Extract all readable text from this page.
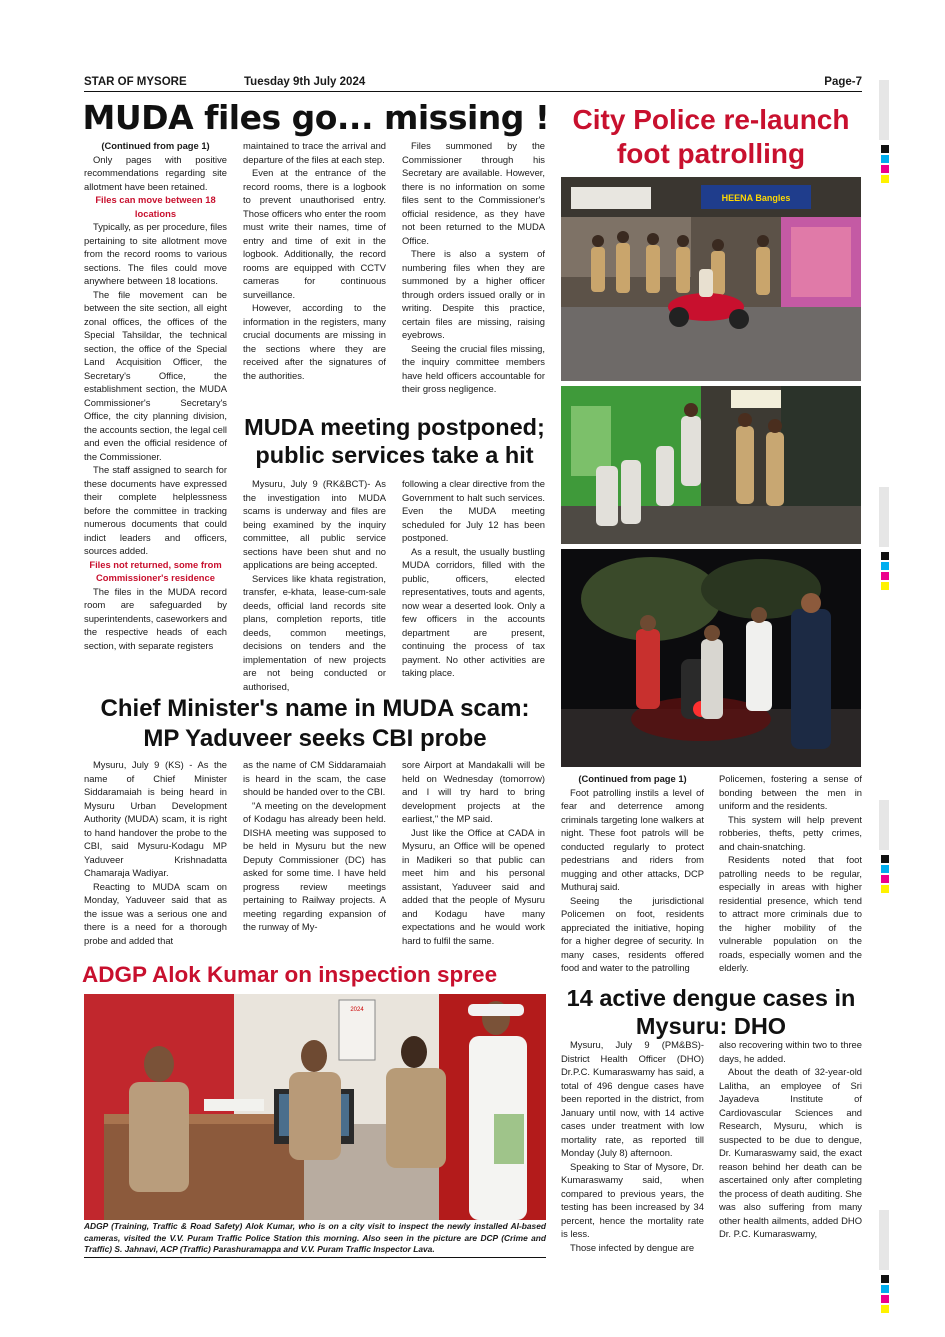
STAR OF MYSORE	Tuesday 9th July 2024	Page-7
MUDA files go... missing !

(Continued from page 1)

Only pages with positive recommendations regarding site allotment have been retained.

Files can move between 18 locations

Typically, as per procedure, files pertaining to site allotment move from the record rooms to various sections. The files could move anywhere between 18 locations.

The file movement can be between the site section, all eight zonal offices, the offices of the Special Tahsildar, the technical section, the office of the Special Land Acquisition Officer, the Secretary's Office, the establishment section, the MUDA Commissioner's Secretary's Office, the city planning division, the accounts section, the legal cell and even the official residence of the Commissioner.

The staff assigned to search for these documents have expressed their complete helplessness before the committee in tracking numerous documents that could indict leaders and officers, sources added.

Files not returned, some from Commissioner's residence

The files in the MUDA record room are safeguarded by superintendents, caseworkers and the respective heads of each section, with separate registers

maintained to trace the arrival and departure of the files at each step.

Even at the entrance of the record rooms, there is a logbook to prevent unauthorised entry. Those officers who enter the room must write their names, time of entry and time of exit in the logbook. Additionally, the record rooms are equipped with CCTV cameras for continuous surveillance.

However, according to the information in the registers, many crucial documents are missing in the sections where they are received after the signatures of the authorities.

Files summoned by the Commissioner through his Secretary are available. However, there is no information on some files sent to the Commissioner's official residence, as they have not been returned to the MUDA Office.

There is also a system of numbering files when they are summoned by a higher officer through orders issued orally or in writing. Despite this practice, certain files are missing, raising eyebrows.

Seeing the crucial files missing, the inquiry committee members have held officers accountable for their gross negligence.

MUDA meeting postponed; public services take a hit

Mysuru, July 9 (RK&BCT)- As the investigation into MUDA scams is underway and files are being examined by the inquiry committee, all public service sections have been shut and no applications are being accepted.

Services like khata registration, transfer, e-khata, lease-cum-sale deeds, official land records site plans, completion reports, title deeds, common meetings, decisions on tenders and the implementation of new projects are not being conducted or authorised,

following a clear directive from the Government to halt such services. Even the MUDA meeting scheduled for July 12 has been postponed.

As a result, the usually bustling MUDA corridors, filled with the public, officers, elected representatives, touts and agents, now wear a deserted look. Only a few officers in the accounts department are present, continuing the process of tax payment. No other activities are taking place.

Chief Minister's name in MUDA scam: MP Yaduveer seeks CBI probe

Mysuru, July 9 (KS) - As the name of Chief Minister Siddaramaiah is being heard in Mysuru Urban Development Authority (MUDA) scam, it is right to hand handover the probe to the CBI, said Mysuru-Kodagu MP Yaduveer Krishnadatta Chamaraja Wadiyar.

Reacting to MUDA scam on Monday, Yaduveer said that as the issue was a serious one and there is a need for a thorough probe and added that

as the name of CM Siddaramaiah is heard in the scam, the case should be handed over to the CBI.

"A meeting on the development of Kodagu has already been held. DISHA meeting was supposed to be held in Mysuru but the new Deputy Commissioner (DC) has asked for some time. I have held progress review meetings pertaining to Railway projects. A meeting regarding expansion of the runway of My-

sore Airport at Mandakalli will be held on Wednesday (tomorrow) and I will try hard to bring development projects at the earliest," the MP said.

Just like the Office at CADA in Mysuru, an Office will be opened in Madikeri so that public can meet him and his personal assistant, Yaduveer said and added that the people of Mysuru and Kodagu have many expectations and he would work hard to fulfil the same.

ADGP Alok Kumar on inspection spree
2024
ADGP (Training, Traffic & Road Safety) Alok Kumar, who is on a city visit to inspect the newly installed AI-based cameras, visited the V.V. Puram Traffic Police Station this morning. Also seen in the picture are DCP (Crime and Traffic) S. Jahnavi, ACP (Traffic) Parashuramappa and V.V. Puram Traffic Inspector Lava.
City Police re-launch foot patrolling
HEENA Bangles

(Continued from page 1)

Foot patrolling instils a level of fear and deterrence among criminals targeting lone walkers at night. These foot patrols will be conducted regularly to protect pedestrians and riders from mugging and other attacks, DCP Muthuraj said.

Seeing the jurisdictional Policemen on foot, residents appreciated the initiative, hoping for a higher degree of security. In many cases, residents offered food and water to the patrolling

Policemen, fostering a sense of bonding between the men in uniform and the residents.

This system will help prevent robberies, thefts, petty crimes, and chain-snatching.

Residents noted that foot patrolling needs to be regular, especially in areas with higher residential presence, which tend to attract more criminals due to the higher mobility of the vulnerable population on the roads, especially women and the elderly.

14 active dengue cases in Mysuru: DHO

Mysuru, July 9 (PM&BS)- District Health Officer (DHO) Dr.P.C. Kumaraswamy has said, a total of 496 dengue cases have been reported in the district, from January until now, with 14 active cases under treatment with low mortality rate, as reported till Monday (July 8) afternoon.

Speaking to Star of Mysore, Dr. Kumaraswamy said, when compared to previous years, the testing has been increased by 34 percent, hence the mortality rate is less.

Those infected by dengue are

also recovering within two to three days, he added.

About the death of 32-year-old Lalitha, an employee of Sri Jayadeva Institute of Cardiovascular Sciences and Research, Mysuru, which is suspected to be due to dengue, Dr. Kumaraswamy said, the exact reason behind her death can be ascertained only after completing the process of death auditing. She was also suffering from many other health ailments, added DHO Dr. P.C. Kumaraswamy,
